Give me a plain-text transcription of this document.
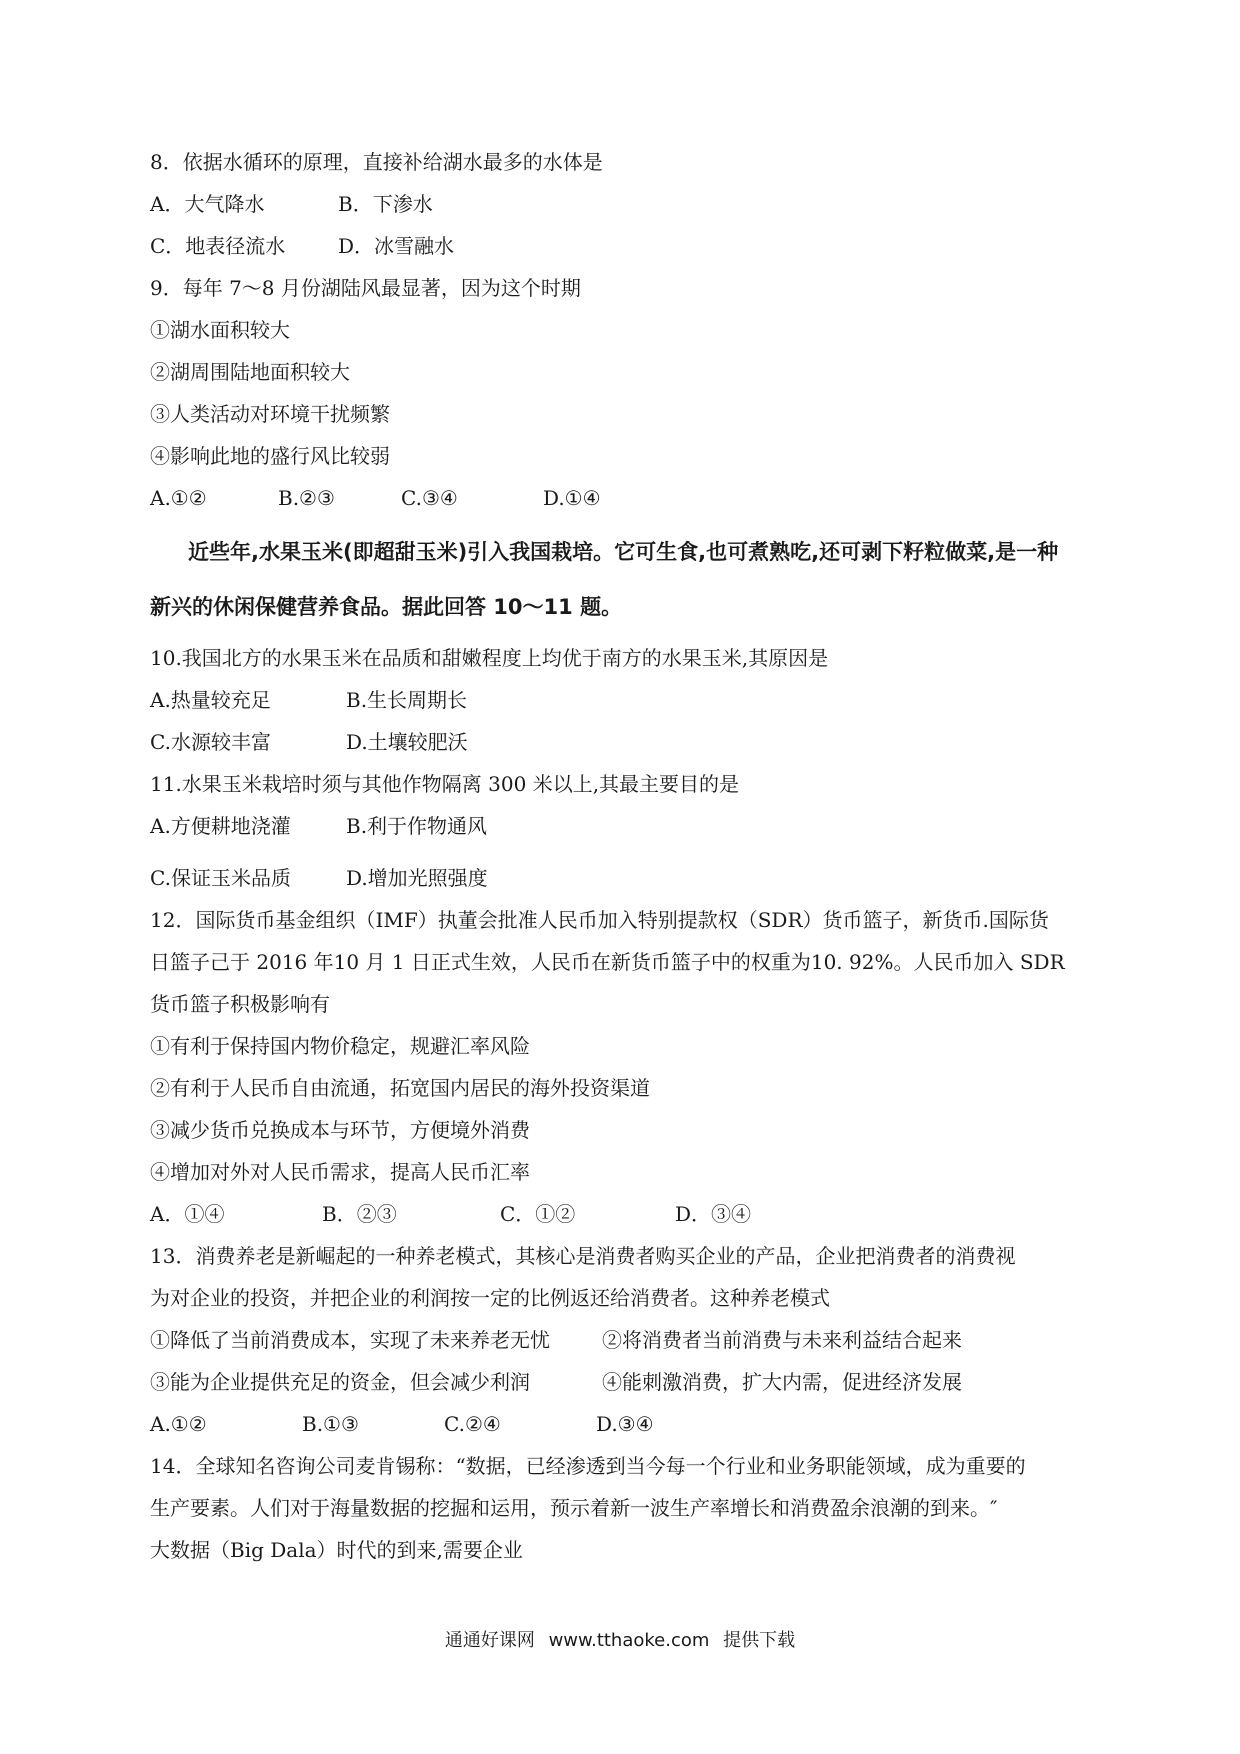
8．依据水循环的原理，直接补给湖水最多的水体是

A．大气降水	B．下渗水
C．地表径流水	D．冰雪融水

9．每年 7～8 月份湖陆风最显著，因为这个时期

①湖水面积较大

②湖周围陆地面积较大

③人类活动对环境干扰频繁

④影响此地的盛行风比较弱

A.①②	B.②③	C.③④	D.①④

近些年,水果玉米(即超甜玉米)引入我国栽培。它可生食,也可煮熟吃,还可剥下籽粒做菜,是一种

新兴的休闲保健营养食品。据此回答 10～11 题。

10.我国北方的水果玉米在品质和甜嫩程度上均优于南方的水果玉米,其原因是

A.热量较充足	B.生长周期长
C.水源较丰富	D.土壤较肥沃

11.水果玉米栽培时须与其他作物隔离 300 米以上,其最主要目的是

A.方便耕地浇灌	B.利于作物通风
C.保证玉米品质	D.增加光照强度

12．国际货币基金组织（IMF）执董会批准人民币加入特别提款权（SDR）货币篮子，新货币.国际货

日篮子己于 2016 年10 月 1 日正式生效，人民币在新货币篮子中的权重为10. 92%。人民币加入 SDR

货币篮子积极影响有

①有利于保持国内物价稳定，规避汇率风险

②有利于人民币自由流通，拓宽国内居民的海外投资渠道

③减少货币兑换成本与环节，方便境外消费

④增加对外对人民币需求，提高人民币汇率

A．①④	B．②③	C．①②	D．③④

13．消费养老是新崛起的一种养老模式，其核心是消费者购买企业的产品，企业把消费者的消费视

为对企业的投资，并把企业的利润按一定的比例返还给消费者。这种养老模式

①降低了当前消费成本，实现了未来养老无忧	②将消费者当前消费与未来利益结合起来
③能为企业提供充足的资金，但会减少利润	④能刺激消费，扩大内需，促进经济发展
A.①②	B.①③	C.②④	D.③④

14．全球知名咨询公司麦肯锡称：“数据，已经渗透到当今每一个行业和业务职能领域，成为重要的

生产要素。人们对于海量数据的挖掘和运用，预示着新一波生产率增长和消费盈余浪潮的到来。″

大数据（Big Dala）时代的到来,需要企业

通通好课网 www.tthaoke.com 提供下载
